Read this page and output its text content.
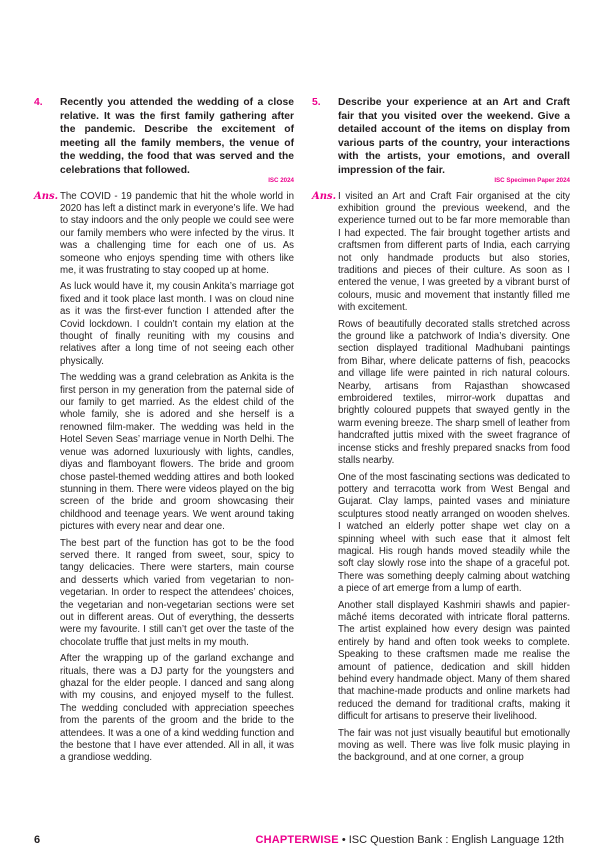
4.	Recently you attended the wedding of a close relative. It was the first family gathering after the pandemic. Describe the excitement of meeting all the family members, the venue of the wedding, the food that was served and the celebrations that followed.
ISC 2024
Ans. The COVID - 19 pandemic that hit the whole world in 2020 has left a distinct mark in everyone’s life. We had to stay indoors and the only people we could see were our family members who were infected by the virus. It was a challenging time for each one of us. As someone who enjoys spending time with others like me, it was frustrating to stay cooped up at home.

As luck would have it, my cousin Ankita’s marriage got fixed and it took place last month. I was on cloud nine as it was the first-ever function I attended after the Covid lockdown. I couldn’t contain my elation at the thought of finally reuniting with my cousins and relatives after a long time of not seeing each other physically.

The wedding was a grand celebration as Ankita is the first person in my generation from the paternal side of our family to get married. As the eldest child of the whole family, she is adored and she herself is a renowned film-maker. The wedding was held in the Hotel Seven Seas’ marriage venue in North Delhi. The venue was adorned luxuriously with lights, candles, diyas and flamboyant flowers. The bride and groom chose pastel-themed wedding attires and both looked stunning in them. There were videos played on the big screen of the bride and groom showcasing their childhood and teenage years. We went around taking pictures with every near and dear one.

The best part of the function has got to be the food served there. It ranged from sweet, sour, spicy to tangy delicacies. There were starters, main course and desserts which varied from vegetarian to non-vegetarian. In order to respect the attendees’ choices, the vegetarian and non-vegetarian sections were set out in different areas. Out of everything, the desserts were my favourite. I still can’t get over the taste of the chocolate truffle that just melts in my mouth.

After the wrapping up of the garland exchange and rituals, there was a DJ party for the youngsters and ghazal for the elder people. I danced and sang along with my cousins, and enjoyed myself to the fullest. The wedding concluded with appreciation speeches from the parents of the groom and the bride to the attendees. It was a one of a kind wedding function and the bestone that I have ever attended. All in all, it was a grandiose wedding.

5.	Describe your experience at an Art and Craft fair that you visited over the weekend. Give a detailed account of the items on display from various parts of the country, your interactions with the artists, your emotions, and overall impression of the fair.
ISC Specimen Paper 2024
Ans. I visited an Art and Craft Fair organised at the city exhibition ground the previous weekend, and the experience turned out to be far more memorable than I had expected. The fair brought together artists and craftsmen from different parts of India, each carrying not only handmade products but also stories, traditions and pieces of their culture. As soon as I entered the venue, I was greeted by a vibrant burst of colours, music and movement that instantly filled me with excitement.

Rows of beautifully decorated stalls stretched across the ground like a patchwork of India’s diversity. One section displayed traditional Madhubani paintings from Bihar, where delicate patterns of fish, peacocks and village life were painted in rich natural colours. Nearby, artisans from Rajasthan showcased embroidered textiles, mirror-work dupattas and brightly coloured puppets that swayed gently in the warm evening breeze. The sharp smell of leather from handcrafted juttis mixed with the sweet fragrance of incense sticks and freshly prepared snacks from food stalls nearby.

One of the most fascinating sections was dedicated to pottery and terracotta work from West Bengal and Gujarat. Clay lamps, painted vases and miniature sculptures stood neatly arranged on wooden shelves. I watched an elderly potter shape wet clay on a spinning wheel with such ease that it almost felt magical. His rough hands moved steadily while the soft clay slowly rose into the shape of a graceful pot. There was something deeply calming about watching a piece of art emerge from a lump of earth.

Another stall displayed Kashmiri shawls and papier-mâché items decorated with intricate floral patterns. The artist explained how every design was painted entirely by hand and often took weeks to complete. Speaking to these craftsmen made me realise the amount of patience, dedication and skill hidden behind every handmade object. Many of them shared that machine-made products and online markets had reduced the demand for traditional crafts, making it difficult for artisans to preserve their livelihood.

The fair was not just visually beautiful but emotionally moving as well. There was live folk music playing in the background, and at one corner, a group

6	CHAPTERWISE • ISC Question Bank : English Language 12th
